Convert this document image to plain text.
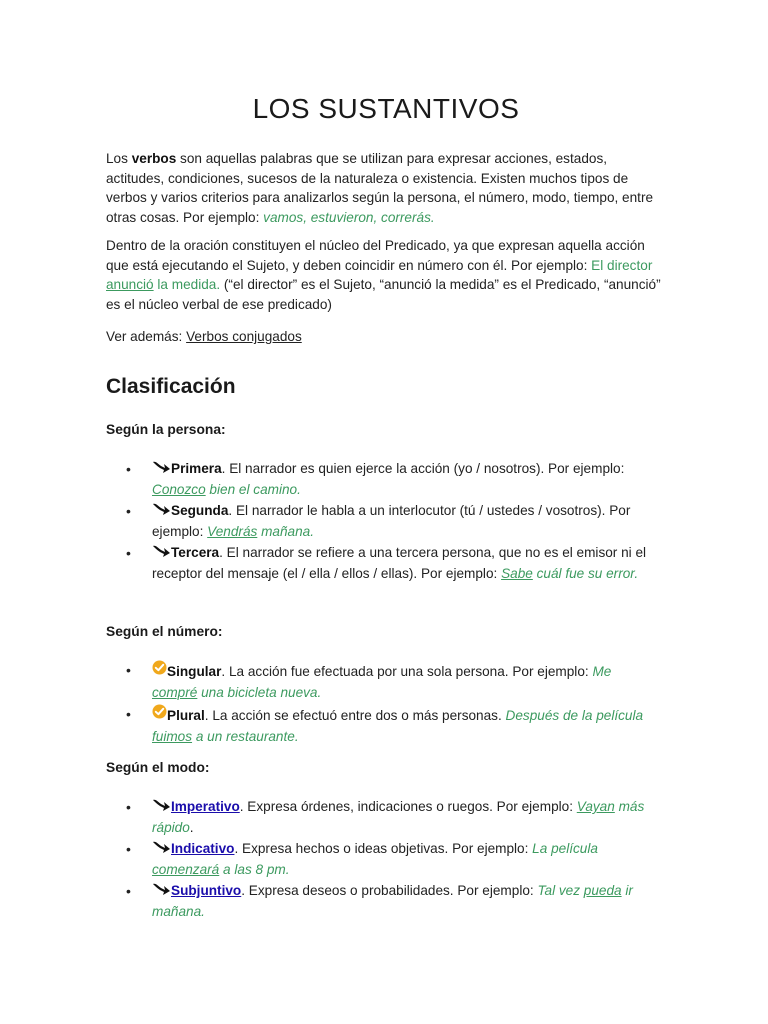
LOS SUSTANTIVOS

Los verbos son aquellas palabras que se utilizan para expresar acciones, estados, actitudes, condiciones, sucesos de la naturaleza o existencia. Existen muchos tipos de verbos y varios criterios para analizarlos según la persona, el número, modo, tiempo, entre otras cosas. Por ejemplo: vamos, estuvieron, correrás.

Dentro de la oración constituyen el núcleo del Predicado, ya que expresan aquella acción que está ejecutando el Sujeto, y deben coincidir en número con él. Por ejemplo: El director anunció la medida. (“el director” es el Sujeto, “anunció la medida” es el Predicado, “anunció” es el núcleo verbal de ese predicado)

Ver además: Verbos conjugados

Clasificación
Según la persona:
•	Primera. El narrador es quien ejerce la acción (yo / nosotros). Por ejemplo: Conozco bien el camino.
•	Segunda. El narrador le habla a un interlocutor (tú / ustedes / vosotros). Por ejemplo: Vendrás mañana.
•	Tercera. El narrador se refiere a una tercera persona, que no es el emisor ni el receptor del mensaje (el / ella / ellos / ellas). Por ejemplo: Sabe cuál fue su error.
Según el número:
•	Singular. La acción fue efectuada por una sola persona. Por ejemplo: Me compré una bicicleta nueva.
•	Plural. La acción se efectuó entre dos o más personas. Después de la película fuimos a un restaurante.
Según el modo:
•	Imperativo. Expresa órdenes, indicaciones o ruegos. Por ejemplo: Vayan más rápido.
•	Indicativo. Expresa hechos o ideas objetivas. Por ejemplo: La película comenzará a las 8 pm.
•	Subjuntivo. Expresa deseos o probabilidades. Por ejemplo: Tal vez pueda ir mañana.
